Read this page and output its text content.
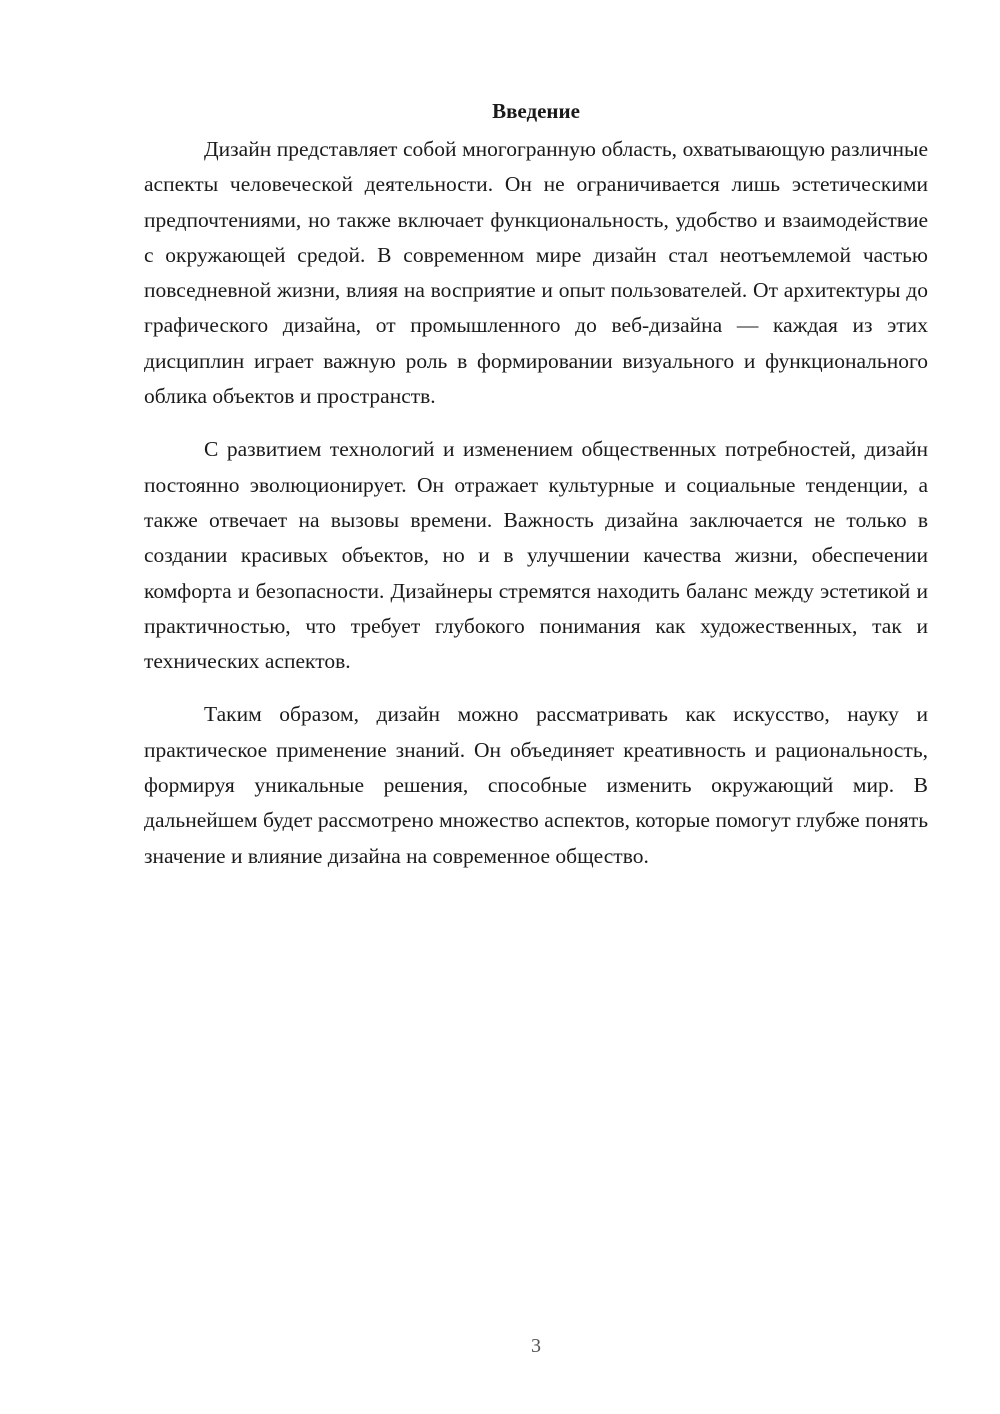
Введение

Дизайн представляет собой многогранную область, охватывающую различные аспекты человеческой деятельности. Он не ограничивается лишь эстетическими предпочтениями, но также включает функциональность, удобство и взаимодействие с окружающей средой. В современном мире дизайн стал неотъемлемой частью повседневной жизни, влияя на восприятие и опыт пользователей. От архитектуры до графического дизайна, от промышленного до веб-дизайна — каждая из этих дисциплин играет важную роль в формировании визуального и функционального облика объектов и пространств.

С развитием технологий и изменением общественных потребностей, дизайн постоянно эволюционирует. Он отражает культурные и социальные тенденции, а также отвечает на вызовы времени. Важность дизайна заключается не только в создании красивых объектов, но и в улучшении качества жизни, обеспечении комфорта и безопасности. Дизайнеры стремятся находить баланс между эстетикой и практичностью, что требует глубокого понимания как художественных, так и технических аспектов.

Таким образом, дизайн можно рассматривать как искусство, науку и практическое применение знаний. Он объединяет креативность и рациональность, формируя уникальные решения, способные изменить окружающий мир. В дальнейшем будет рассмотрено множество аспектов, которые помогут глубже понять значение и влияние дизайна на современное общество.

3
